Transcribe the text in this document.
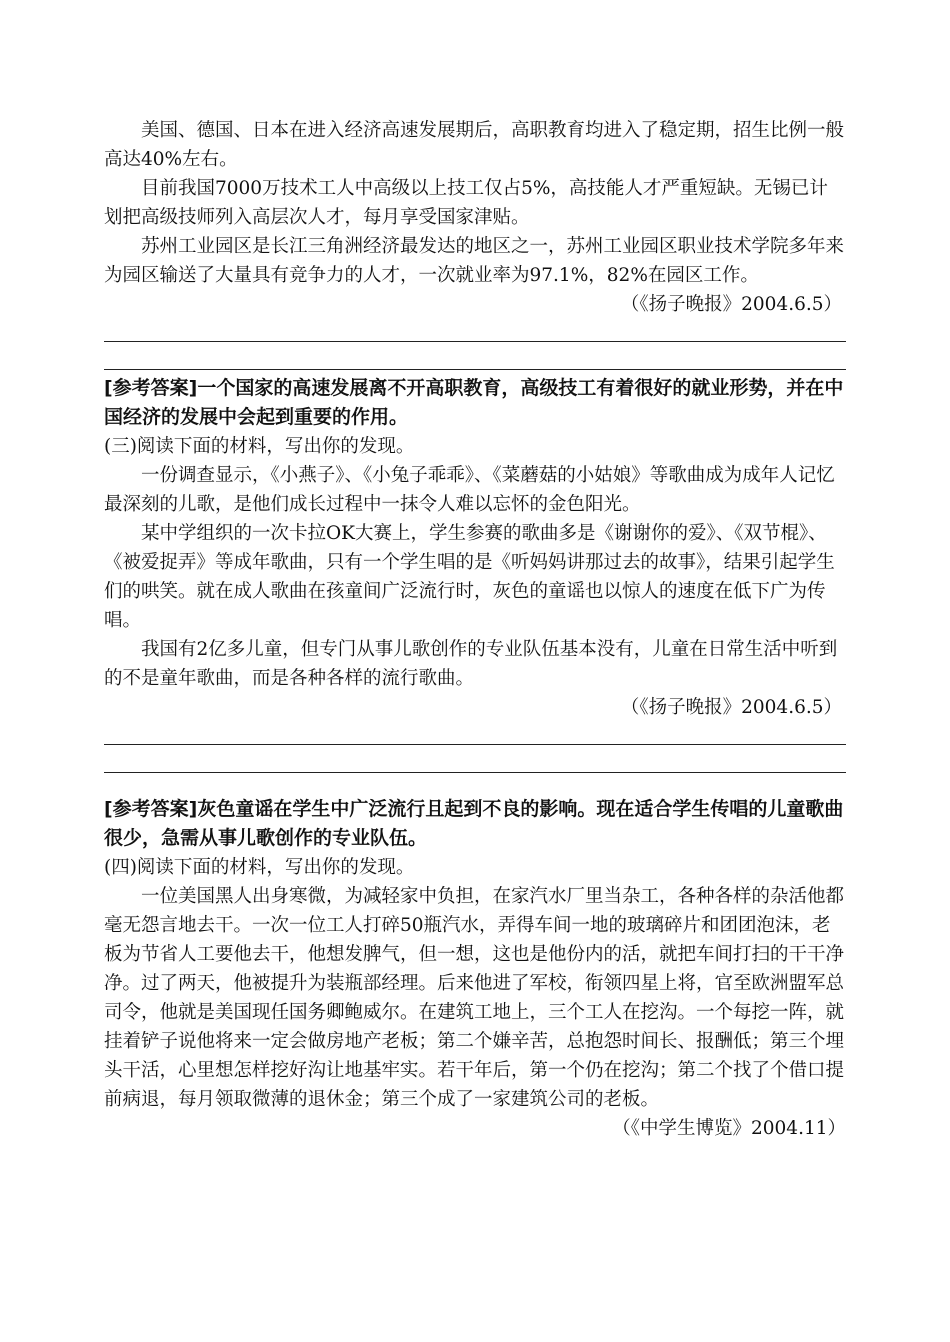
美国、德国、日本在进入经济高速发展期后，高职教育均进入了稳定期，招生比例一般高达40%左右。

目前我国7000万技术工人中高级以上技工仅占5%，高技能人才严重短缺。无锡已计划把高级技师列入高层次人才，每月享受国家津贴。

苏州工业园区是长江三角洲经济最发达的地区之一，苏州工业园区职业技术学院多年来为园区输送了大量具有竞争力的人才，一次就业率为97.1%，82%在园区工作。

（《扬子晚报》2004.6.5）

[参考答案]一个国家的高速发展离不开高职教育，高级技工有着很好的就业形势，并在中国经济的发展中会起到重要的作用。

(三)阅读下面的材料，写出你的发现。

一份调查显示，《小燕子》、《小兔子乖乖》、《菜蘑菇的小姑娘》等歌曲成为成年人记忆最深刻的儿歌，是他们成长过程中一抹令人难以忘怀的金色阳光。

某中学组织的一次卡拉OK大赛上，学生参赛的歌曲多是《谢谢你的爱》、《双节棍》、《被爱捉弄》等成年歌曲，只有一个学生唱的是《听妈妈讲那过去的故事》，结果引起学生们的哄笑。就在成人歌曲在孩童间广泛流行时，灰色的童谣也以惊人的速度在低下广为传唱。

我国有2亿多儿童，但专门从事儿歌创作的专业队伍基本没有，儿童在日常生活中听到的不是童年歌曲，而是各种各样的流行歌曲。

（《扬子晚报》2004.6.5）

[参考答案]灰色童谣在学生中广泛流行且起到不良的影响。现在适合学生传唱的儿童歌曲很少，急需从事儿歌创作的专业队伍。

(四)阅读下面的材料，写出你的发现。

一位美国黑人出身寒微，为减轻家中负担，在家汽水厂里当杂工，各种各样的杂活他都毫无怨言地去干。一次一位工人打碎50瓶汽水，弄得车间一地的玻璃碎片和团团泡沫，老板为节省人工要他去干，他想发脾气，但一想，这也是他份内的活，就把车间打扫的干干净净。过了两天，他被提升为装瓶部经理。后来他进了军校，衔领四星上将，官至欧洲盟军总司令，他就是美国现任国务卿鲍威尔。在建筑工地上，三个工人在挖沟。一个每挖一阵，就挂着铲子说他将来一定会做房地产老板；第二个嫌辛苦，总抱怨时间长、报酬低；第三个埋头干活，心里想怎样挖好沟让地基牢实。若干年后，第一个仍在挖沟；第二个找了个借口提前病退，每月领取微薄的退休金；第三个成了一家建筑公司的老板。

（《中学生博览》2004.11）
